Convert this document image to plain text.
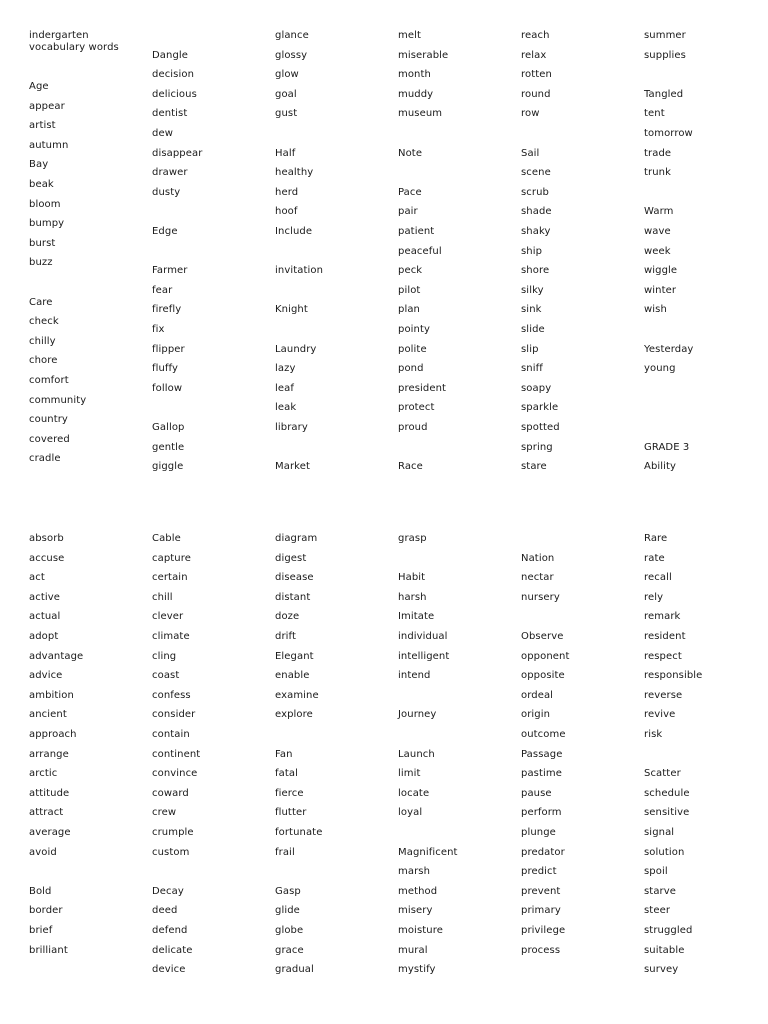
indergarten
vocabulary words
Age
appear
artist
autumn
Bay
beak
bloom
bumpy
burst
buzz
Care
check
chilly
chore
comfort
community
country
covered
cradle
Dangle
decision
delicious
dentist
dew
disappear
drawer
dusty
Edge
Farmer
fear
firefly
fix
flipper
fluffy
follow
Gallop
gentle
giggle
glance
glossy
glow
goal
gust
Half
healthy
herd
hoof
Include
invitation
Knight
Laundry
lazy
leaf
leak
library
Market
melt
miserable
month
muddy
museum
Note
Pace
pair
patient
peaceful
peck
pilot
plan
pointy
polite
pond
president
protect
proud
Race
reach
relax
rotten
round
row
Sail
scene
scrub
shade
shaky
ship
shore
silky
sink
slide
slip
sniff
soapy
sparkle
spotted
spring
stare
summer
supplies
Tangled
tent
tomorrow
trade
trunk
Warm
wave
week
wiggle
winter
wish
Yesterday
young
GRADE 3
Ability
absorb
accuse
act
active
actual
adopt
advantage
advice
ambition
ancient
approach
arrange
arctic
attitude
attract
average
avoid
Bold
border
brief
brilliant
Cable
capture
certain
chill
clever
climate
cling
coast
confess
consider
contain
continent
convince
coward
crew
crumple
custom
Decay
deed
defend
delicate
device
diagram
digest
disease
distant
doze
drift
Elegant
enable
examine
explore
Fan
fatal
fierce
flutter
fortunate
frail
Gasp
glide
globe
grace
gradual
grasp
Habit
harsh
Imitate
individual
intelligent
intend
Journey
Launch
limit
locate
loyal
Magnificent
marsh
method
misery
moisture
mural
mystify
Nation
nectar
nursery
Observe
opponent
opposite
ordeal
origin
outcome
Passage
pastime
pause
perform
plunge
predator
predict
prevent
primary
privilege
process
Rare
rate
recall
rely
remark
resident
respect
responsible
reverse
revive
risk
Scatter
schedule
sensitive
signal
solution
spoil
starve
steer
struggled
suitable
survey
